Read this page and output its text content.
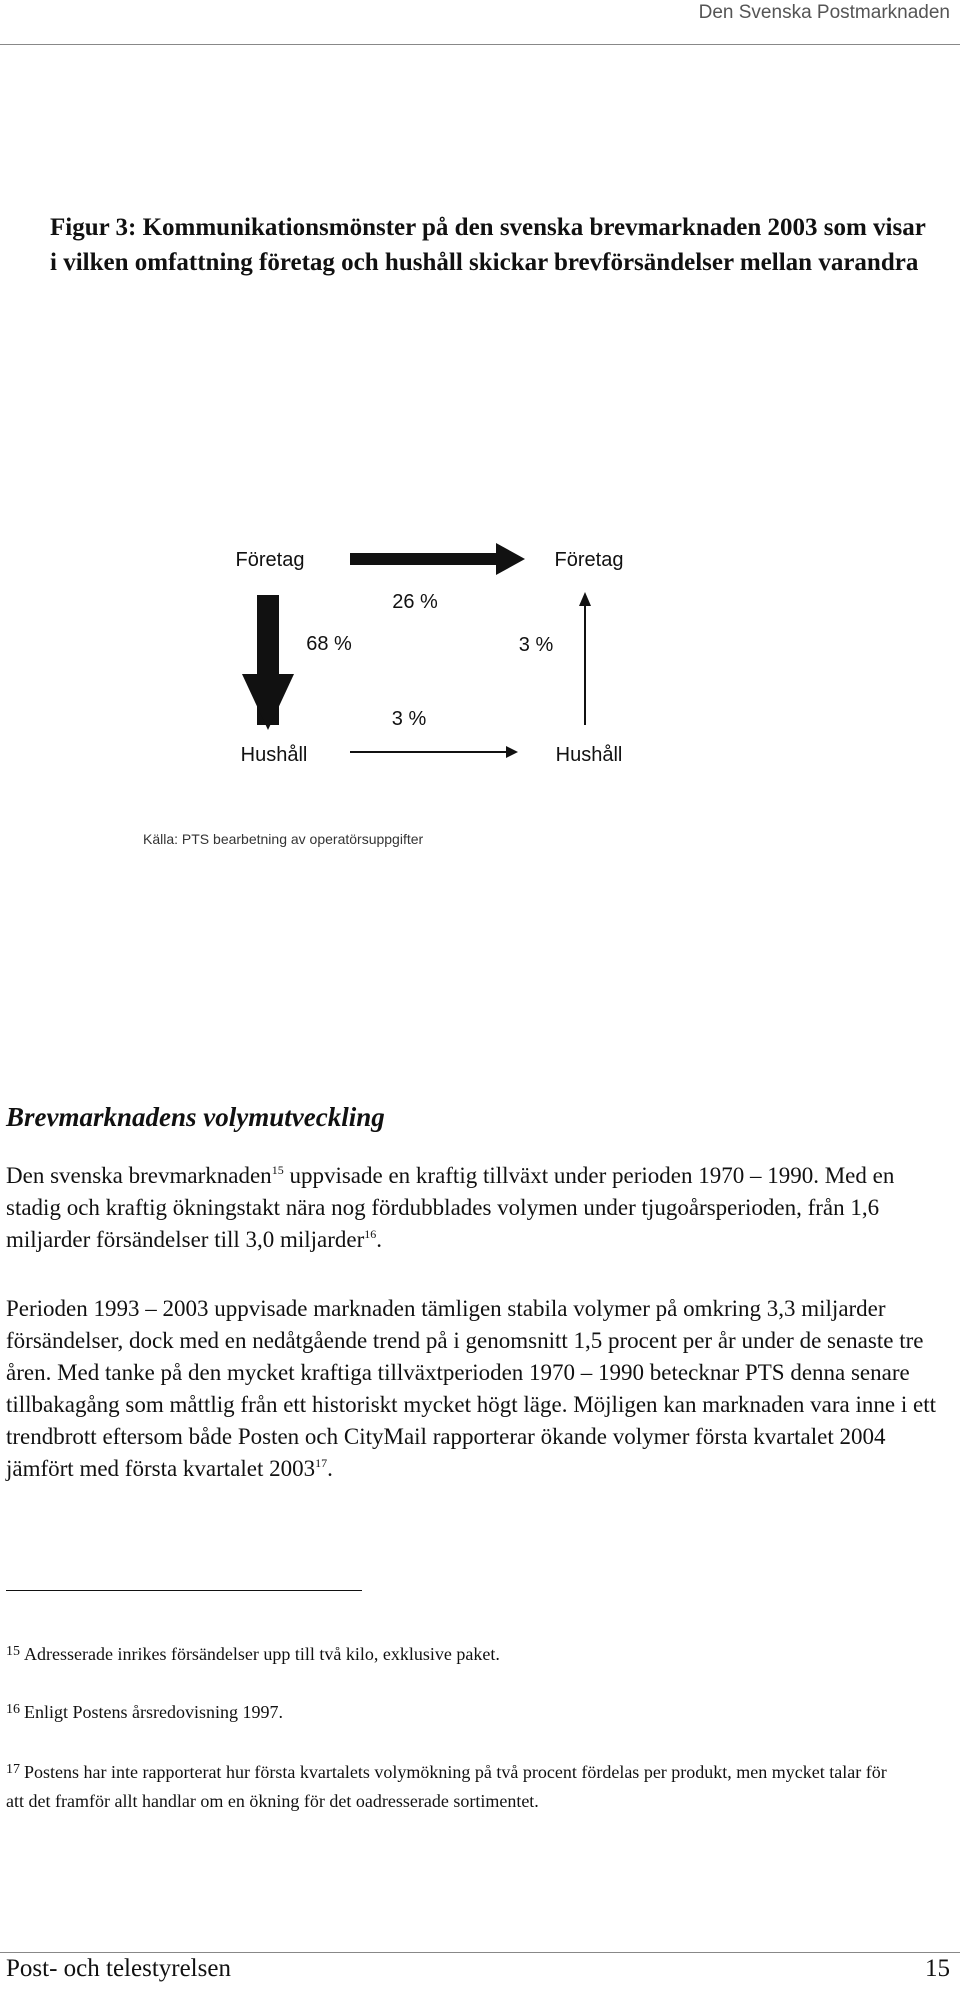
Den Svenska Postmarknaden
Figur 3: Kommunikationsmönster på den svenska brevmarknaden 2003 som visar i vilken omfattning företag och hushåll skickar brevförsändelser mellan varandra
Företag	Företag
Hushåll	Hushåll
26 %
68 %	3 %
3 %
Källa: PTS bearbetning av operatörsuppgifter
Brevmarknadens volymutveckling

Den svenska brevmarknaden$^{15}$ uppvisade en kraftig tillväxt under perioden 1970 – 1990. Med en stadig och kraftig ökningstakt nära nog fördubblades volymen under tjugoårsperioden, från 1,6 miljarder försändelser till 3,0 miljarder$^{16}$.

Perioden 1993 – 2003 uppvisade marknaden tämligen stabila volymer på omkring 3,3 miljarder försändelser, dock med en nedåtgående trend på i genomsnitt 1,5 procent per år under de senaste tre åren. Med tanke på den mycket kraftiga tillväxtperioden 1970 – 1990 betecknar PTS denna senare tillbakagång som måttlig från ett historiskt mycket högt läge. Möjligen kan marknaden vara inne i ett trendbrott eftersom både Posten och CityMail rapporterar ökande volymer första kvartalet 2004 jämfört med första kvartalet 2003$^{17}$.

$^{15}$ Adresserade inrikes försändelser upp till två kilo, exklusive paket.

$^{16}$ Enligt Postens årsredovisning 1997.

$^{17}$ Postens har inte rapporterat hur första kvartalets volymökning på två procent fördelas per produkt, men mycket talar för att det framför allt handlar om en ökning för det oadresserade sortimentet.

Post- och telestyrelsen	15
